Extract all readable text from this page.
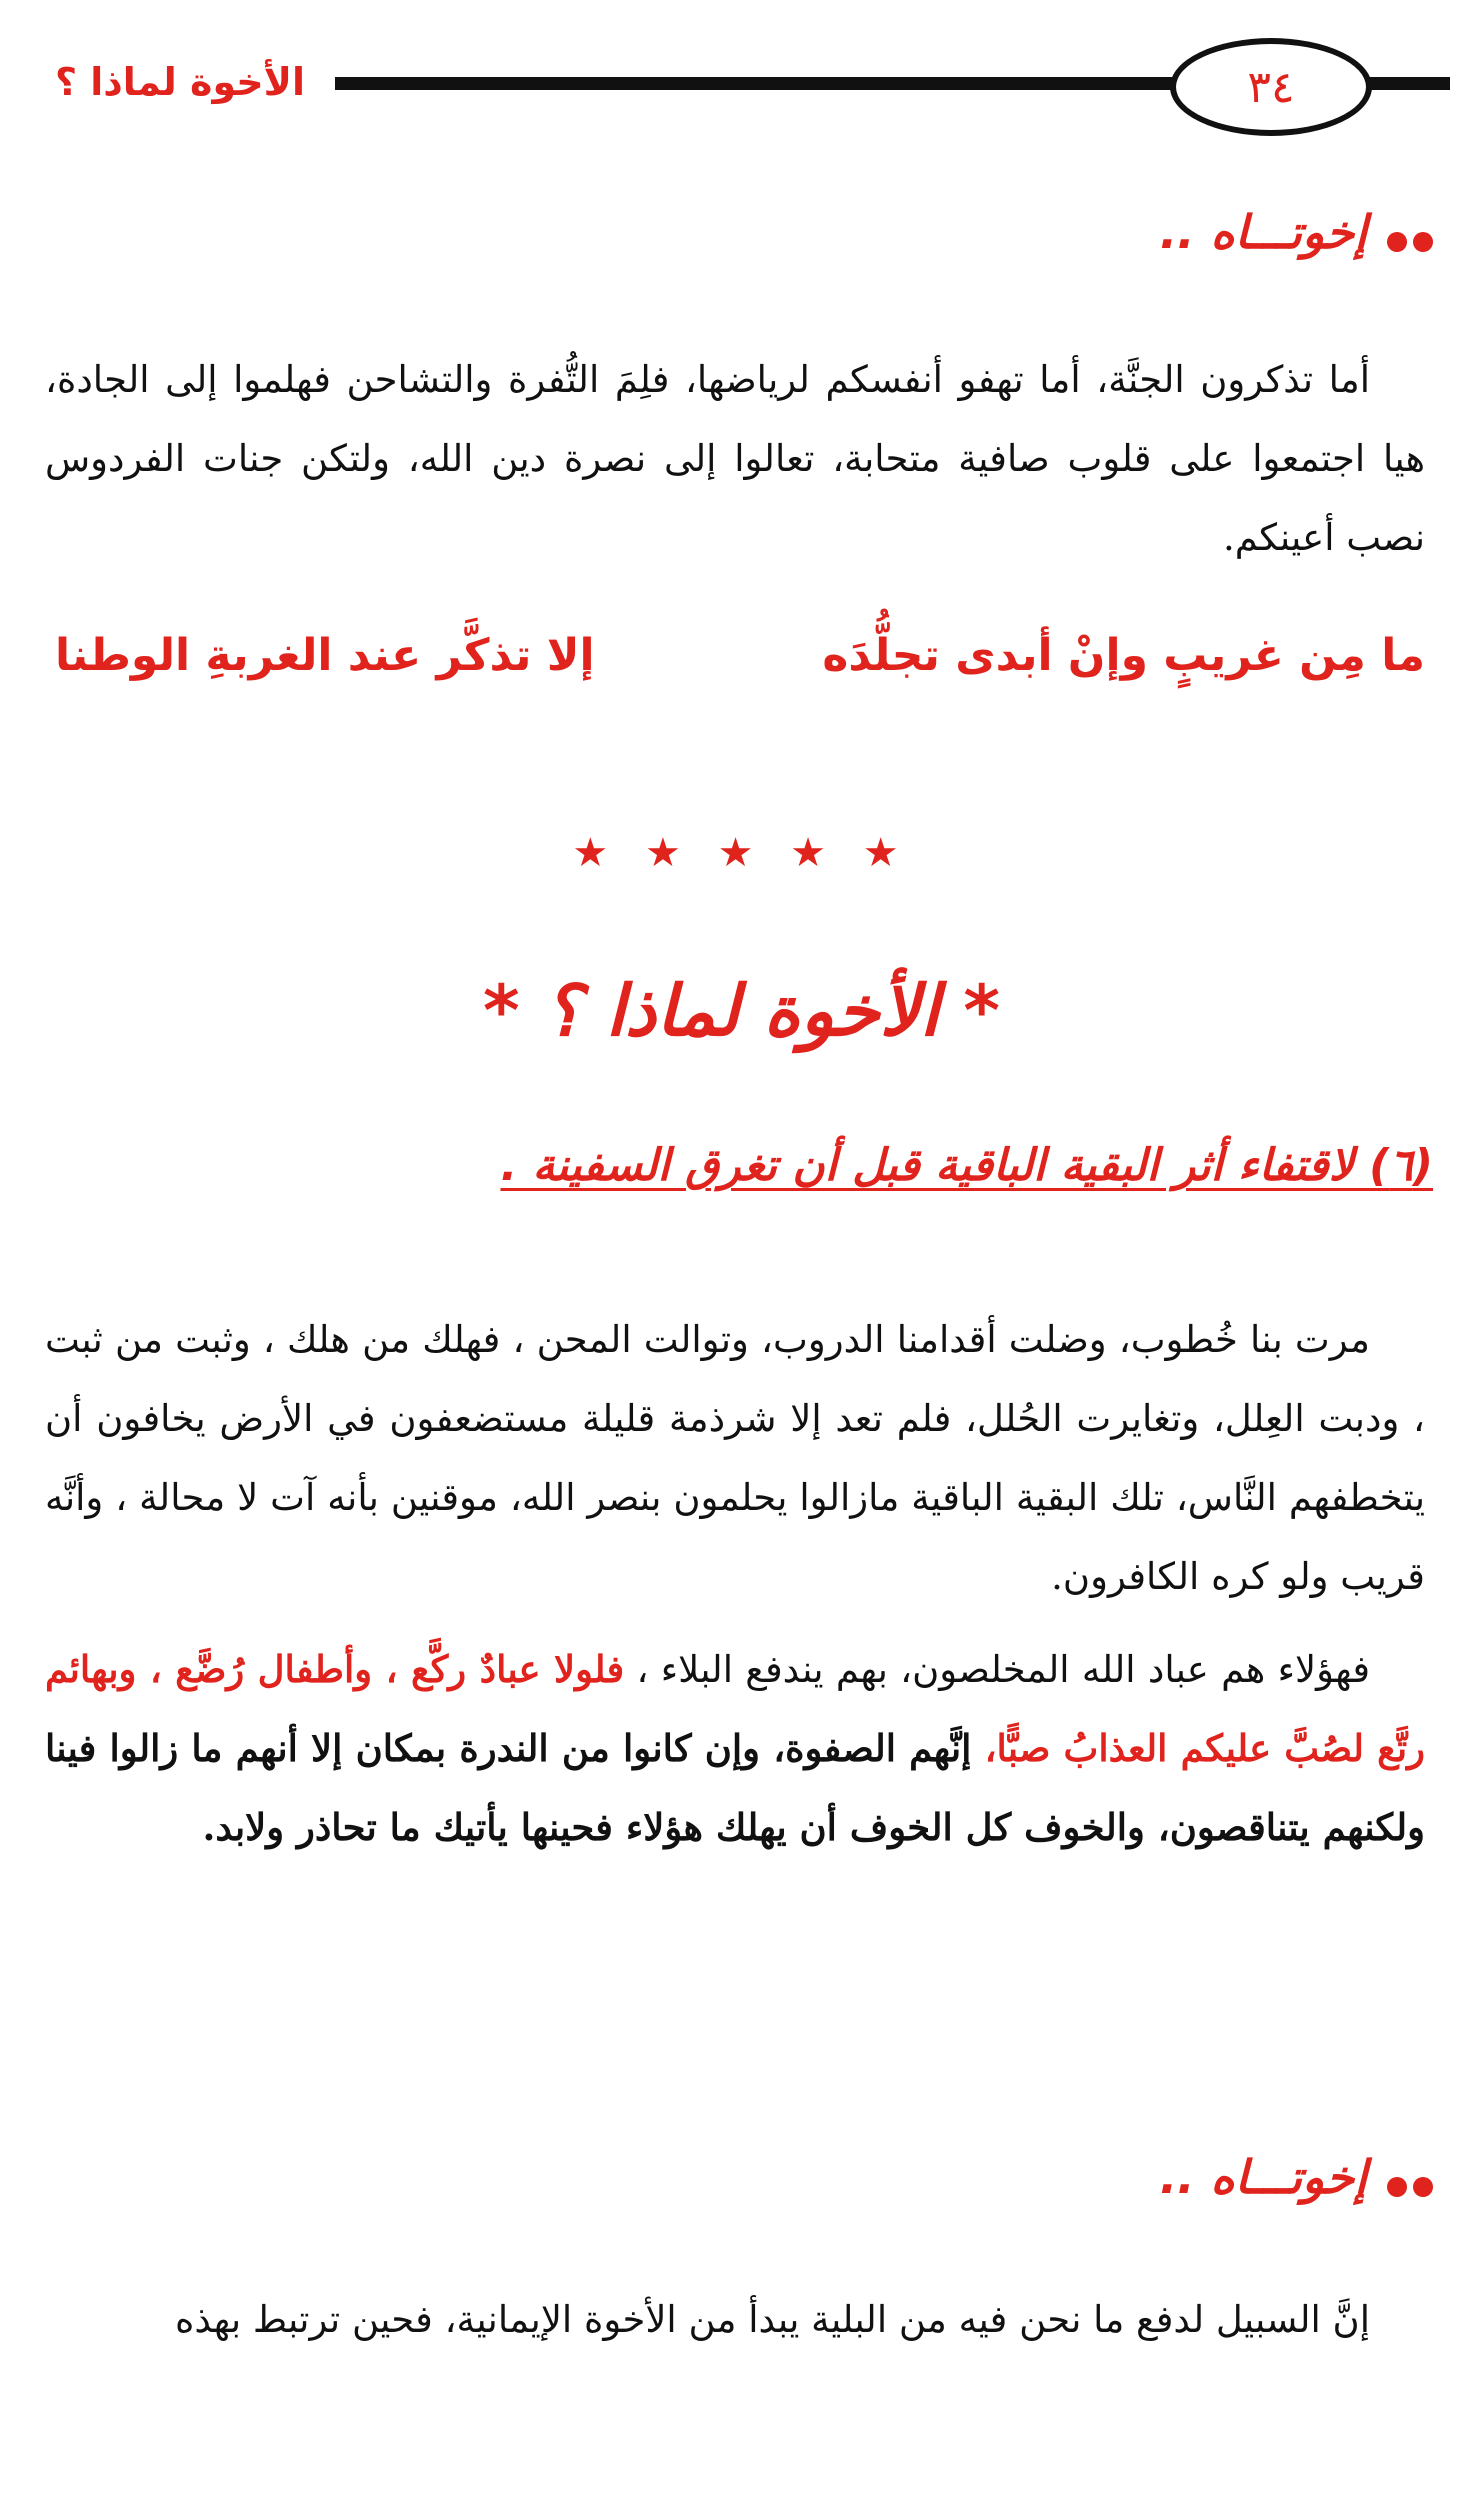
٣٤
الأخوة لماذا ؟
إخوتـــاه ..
أما تذكرون الجنَّة، أما تهفو أنفسكم لرياضها، فلِمَ التُّفرة والتشاحن فهلموا إلى الجادة، هيا اجتمعوا على قلوب صافية متحابة، تعالوا إلى نصرة دين الله، ولتكن جنات الفردوس نصب أعينكم.
ما مِن غريبٍ وإنْ أبدى تجلُّدَه
إلا تذكَّر عند الغربةِ الوطنا
★ ★ ★ ★ ★
* الأخوة لماذا ؟ *
(٦) لاقتفاء أثر البقية الباقية قبل أن تغرق السفينة .
مرت بنا خُطوب، وضلت أقدامنا الدروب، وتوالت المحن ، فهلك من هلك ، وثبت من ثبت ، ودبت العِلل، وتغايرت الحُلل، فلم تعد إلا شرذمة قليلة مستضعفون في الأرض يخافون أن يتخطفهم النَّاس، تلك البقية الباقية مازالوا يحلمون بنصر الله، موقنين بأنه آت لا محالة ، وأنَّه قريب ولو كره الكافرون.
فهؤلاء هم عباد الله المخلصون، بهم يندفع البلاء ، فلولا عبادٌ ركَّع ، وأطفال رُضَّع ، وبهائم رتَّع لصُبَّ عليكم العذابُ صبًّا، إنَّهم الصفوة، وإن كانوا من الندرة بمكان إلا أنهم ما زالوا فينا ولكنهم يتناقصون، والخوف كل الخوف أن يهلك هؤلاء فحينها يأتيك ما تحاذر ولابد.
إخوتـــاه ..
إنَّ السبيل لدفع ما نحن فيه من البلية يبدأ من الأخوة الإيمانية، فحين ترتبط بهذه
